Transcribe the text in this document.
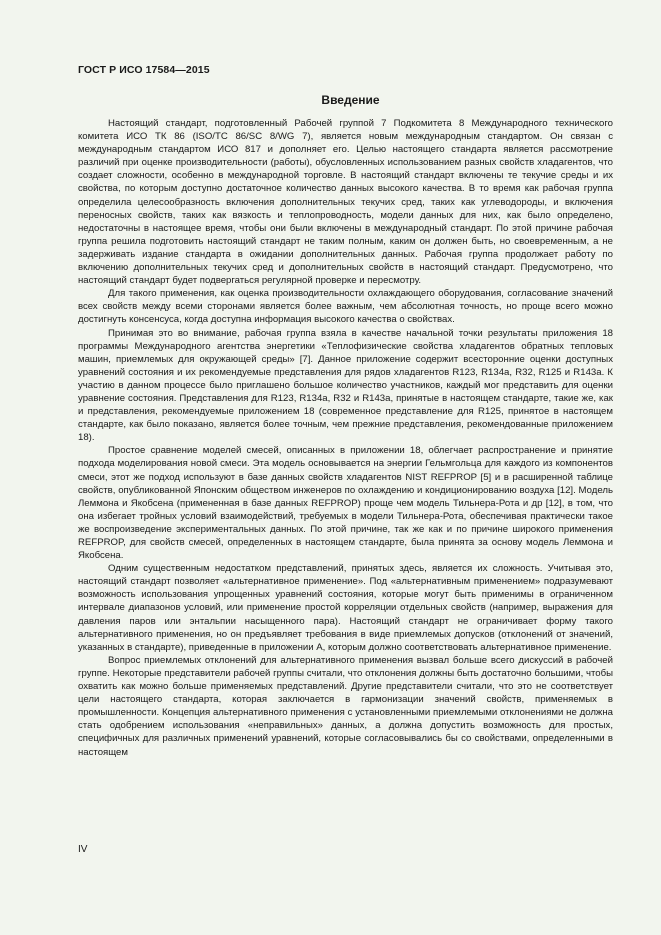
ГОСТ Р ИСО 17584—2015
Введение

Настоящий стандарт, подготовленный Рабочей группой 7 Подкомитета 8 Международного технического комитета ИСО ТК 86 (ISO/TC 86/SC 8/WG 7), является новым международным стандартом. Он связан с международным стандартом ИСО 817 и дополняет его. Целью настоящего стандарта является рассмотрение различий при оценке производительности (работы), обусловленных использованием разных свойств хладагентов, что создает сложности, особенно в международной торговле. В настоящий стандарт включены те текучие среды и их свойства, по которым доступно достаточное количество данных высокого качества. В то время как рабочая группа определила целесообразность включения дополнительных текучих сред, таких как углеводороды, и включения переносных свойств, таких как вязкость и теплопроводность, модели данных для них, как было определено, недостаточны в настоящее время, чтобы они были включены в международный стандарт. По этой причине рабочая группа решила подготовить настоящий стандарт не таким полным, каким он должен быть, но своевременным, а не задерживать издание стандарта в ожидании дополнительных данных. Рабочая группа продолжает работу по включению дополнительных текучих сред и дополнительных свойств в настоящий стандарт. Предусмотрено, что настоящий стандарт будет подвергаться регулярной проверке и пересмотру.

Для такого применения, как оценка производительности охлаждающего оборудования, согласование значений всех свойств между всеми сторонами является более важным, чем абсолютная точность, но проще всего можно достигнуть консенсуса, когда доступна информация высокого качества о свойствах.

Принимая это во внимание, рабочая группа взяла в качестве начальной точки результаты приложения 18 программы Международного агентства энергетики «Теплофизические свойства хладагентов обратных тепловых машин, приемлемых для окружающей среды» [7]. Данное приложение содержит всесторонние оценки доступных уравнений состояния и их рекомендуемые представления для рядов хладагентов R123, R134a, R32, R125 и R143a. К участию в данном процессе было приглашено большое количество участников, каждый мог представить для оценки уравнение состояния. Представления для R123, R134a, R32 и R143a, принятые в настоящем стандарте, такие же, как и представления, рекомендуемые приложением 18 (современное представление для R125, принятое в настоящем стандарте, как было показано, является более точным, чем прежние представления, рекомендованные приложением 18).

Простое сравнение моделей смесей, описанных в приложении 18, облегчает распространение и принятие подхода моделирования новой смеси. Эта модель основывается на энергии Гельмгольца для каждого из компонентов смеси, этот же подход используют в базе данных свойств хладагентов NIST REFPROP [5] и в расширенной таблице свойств, опубликованной Японским обществом инженеров по охлаждению и кондиционированию воздуха [12]. Модель Леммона и Якобсена (примененная в базе данных REFPROP) проще чем модель Тильнера-Рота и др [12], в том, что она избегает тройных условий взаимодействий, требуемых в модели Тильнера-Рота, обеспечивая практически такое же воспроизведение экспериментальных данных. По этой причине, так же как и по причине широкого применения REFPROP, для свойств смесей, определенных в настоящем стандарте, была принята за основу модель Леммона и Якобсена.

Одним существенным недостатком представлений, принятых здесь, является их сложность. Учитывая это, настоящий стандарт позволяет «альтернативное применение». Под «альтернативным применением» подразумевают возможность использования упрощенных уравнений состояния, которые могут быть применимы в ограниченном интервале диапазонов условий, или применение простой корреляции отдельных свойств (например, выражения для давления паров или энтальпии насыщенного пара). Настоящий стандарт не ограничивает форму такого альтернативного применения, но он предъявляет требования в виде приемлемых допусков (отклонений от значений, указанных в стандарте), приведенные в приложении А, которым должно соответствовать альтернативное применение.

Вопрос приемлемых отклонений для альтернативного применения вызвал больше всего дискуссий в рабочей группе. Некоторые представители рабочей группы считали, что отклонения должны быть достаточно большими, чтобы охватить как можно больше применяемых представлений. Другие представители считали, что это не соответствует цели настоящего стандарта, которая заключается в гармонизации значений свойств, применяемых в промышленности. Концепция альтернативного применения с установленными приемлемыми отклонениями не должна стать одобрением использования «неправильных» данных, а должна допустить возможность для простых, специфичных для различных применений уравнений, которые согласовывались бы со свойствами, определенными в настоящем

IV
